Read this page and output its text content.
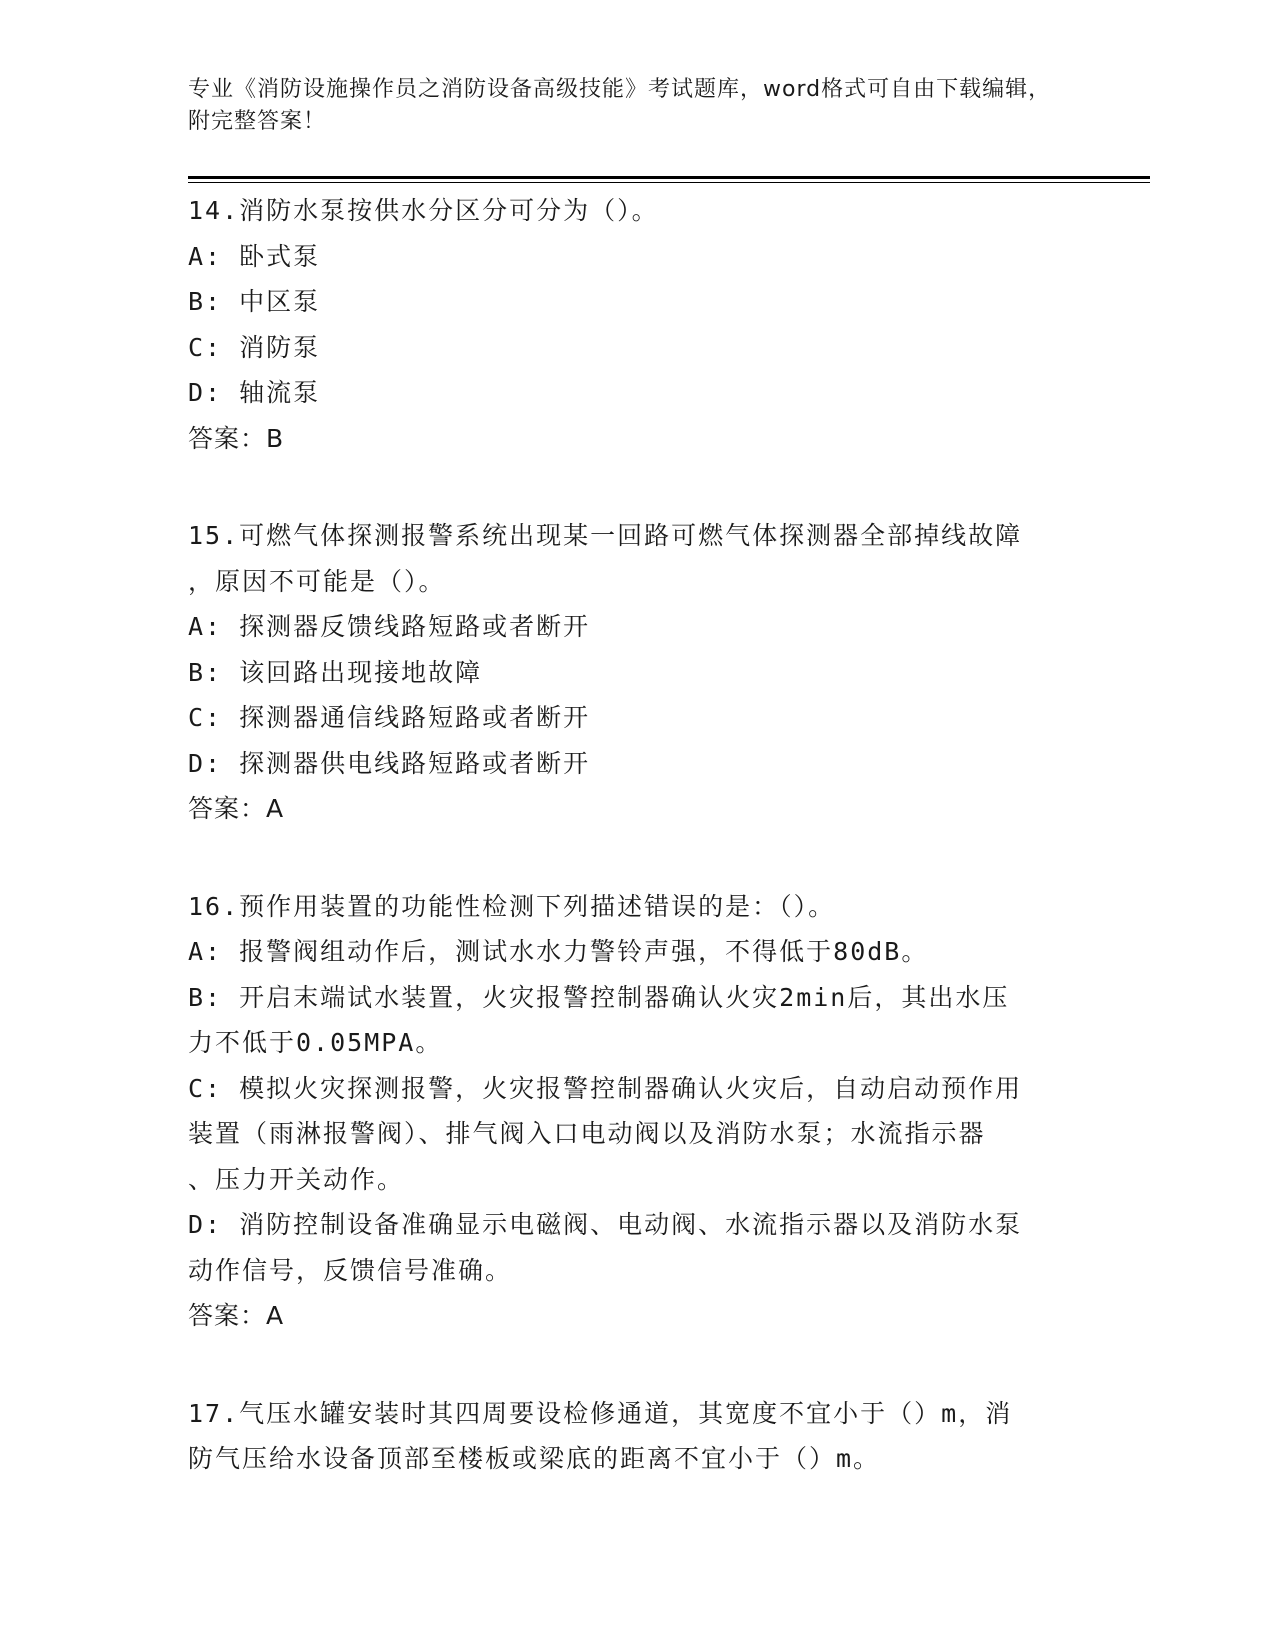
专业《消防设施操作员之消防设备高级技能》考试题库，word格式可自由下载编辑，附完整答案！
14.消防水泵按供水分区分可分为（）。
A: 卧式泵
B: 中区泵
C: 消防泵
D: 轴流泵
答案：B
15.可燃气体探测报警系统出现某一回路可燃气体探测器全部掉线故障
，原因不可能是（）。
A: 探测器反馈线路短路或者断开
B: 该回路出现接地故障
C: 探测器通信线路短路或者断开
D: 探测器供电线路短路或者断开
答案：A
16.预作用装置的功能性检测下列描述错误的是：（）。
A: 报警阀组动作后，测试水水力警铃声强，不得低于80dB。
B: 开启末端试水装置，火灾报警控制器确认火灾2min后，其出水压
力不低于0.05MPA。
C: 模拟火灾探测报警，火灾报警控制器确认火灾后，自动启动预作用
装置（雨淋报警阀）、排气阀入口电动阀以及消防水泵；水流指示器
、压力开关动作。
D: 消防控制设备准确显示电磁阀、电动阀、水流指示器以及消防水泵
动作信号，反馈信号准确。
答案：A
17.气压水罐安装时其四周要设检修通道，其宽度不宜小于（）m，消
防气压给水设备顶部至楼板或梁底的距离不宜小于（）m。
